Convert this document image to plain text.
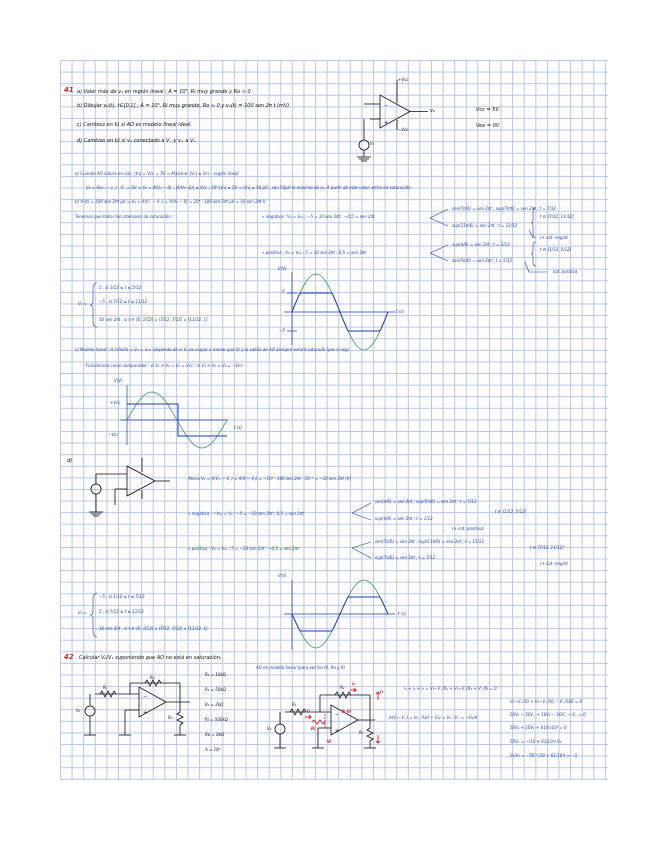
41 a) Valor máx de v₁ en región lineal : A = 10⁵, Ri muy grande y Ro ≈ 0
b) Dibujar v₀(t), t∈[0,1] ; A = 10⁵, Ri muy grande, Ro ≈ 0 y v₁(t) = 100 sen 2π t (mV)
c) Cambios en b) si AO es modelo lineal ideal.
d) Cambios en b) si v₁ conectado a V₋ y v₊ a V₊
−
+
+Vcc
−Vcc
v₀
V₁
Vcc = 5V
Vee = 0V
a) Cuando AO satura en sat.; |V₀| = Vcc = 5V ⇒ Máximo: |V₀| ≤ Vcc : región lineal
V₀ = A(v₊ − v₋) , V₋ = 0V ⇒ V₀ = A(V₁ − 0) ; |A(V₁−0)| ≤ Vcc ; 10⁵·|V₁| ≤ 5V ⇒ |V₁| ≤ 50 μV , con 50μV el máximo de v₁. A partir de este valor, entra en saturación.
b) V₁(t) = 100 sen 2πt μV ⇒ V₀ = A(V₊ − V₋) = A(V₀ − 0) = 10⁵ · 100 sen 2πt μV = 10 sen 2πt V
Tenemos que hallar los intervalos de saturación :	» negativa : V₀ = V₀ₛ ; −5 = 10 sen 2πt ; −0,5 = sen 2πt
sen(7π/6) = sen 2πt ; sup(7π/6) = sen 2πt ; t = 7/12
sup(11π/6) = sen 2πt ; t = 11/12
t ∈ [7/12, 11/12]
(+ sat. negat)
» positiva : V₀ = V₀ₛ ; 5 = 10 sen 2πt ; 0,5 = sen 2πt
sup(π/6) = sen 2πt ; t = 1/12
sen(5π/6) = sen 2πt ; t = 5/12
t ∈ [1/12, 5/12]
sat. positiva
5 , si 1/12 ≤ t ≤ 5/12
−5 , si 7/12 ≤ t ≤ 11/12
10 sen 2πt , si t ∈ [0, 1/12] ∪ [5/12, 7/12] ∪ [11/12, 1]
V₀ =
V(V)
t (s)
5
−5
c) Modelo lineal : A infinita ⇒ V₀ = ±∞ (depende de si V₁ es mayor o menor que 0) y la salida de AO siempre estará saturada (pos ó neg)
Funcionaría como comparador : si V₁ > V₀ ⇒ V₀ = Vcc ; si V₁ < V₀ ⇒ V₀ = −Vcc
V(V)
t (s)
+Vcc
−Vcc
d)
Ahora V₀ = A(V₊ − V₋) = A(0 − V₁) = −10⁵ · 100 sen 2πt · 10⁻⁶ = −10 sen 2πt (V)
» negativa : −V₀ₛ = V₀ ; −5 = −10 sen 2πt ; 0,5 = sen 2πt
sen(π/6) = sen 2πt ; sup(5π/6) = sen 2πt ; t = 5/12
sup(π/6) = sen 2πt ; t = 1/12
t ∈ [1/12, 5/12]
(+ sat. positiva)
» positiva : V₀ = V₀ₛ ; 5 = −10 sen 2πt ; −0,5 = sen 2πt
sen(7π/6) = sen 2πt ; sup(11π/6) = sen 2πt ; t = 11/12
sup(7π/6) = sen 2πt ; t = 7/12
t ∈ [7/12, 11/12]
(+ sat. negat)
−5 , si 1/12 ≤ t ≤ 5/12
5 , si 7/12 ≤ t ≤ 11/12
10 sen 2πt , si t ∈ [0, 1/12] ∪ [5/12, 7/12] ∪ [11/12, 1]
V₀ =
V(V)
t (s)
42 Calcular V₀/V₁ suponiendo que AO no está en saturación.
−
+
R₁
R₂
R₃
V₁
R₁ = 10kΩ
R₂ = 50kΩ
R₃ = 2kΩ
Ri = 500kΩ
Ro = 0kΩ
A = 10⁴
AO en modelo lineal (para ver los Ri, Ro y A)
−
+
R₁
R₂
R₃
V₁
i₁
i₂
Ri
i₃
Vi
A·Vi
i₁ + i₂ + i₃ = V₁−V₋/R₁ + V₀−V₋/R₂ + V₋/Ri = 0
A(V₊−V₋) = V₀ ; A(0 − V₁) = V₀ ; V₋ = −V₀/A
V₁−V₋/10 + V₀−V₋/50 − V₋/500 = 0
50V₁ − 50V₋ + 10V₀ − 10V₋ − V₋ = 0
50V₁ + 10V₀ + 61V₀/10⁴ = 0
50V₁ = −(10 + 61/10⁴) V₀
V₀/V₁ = −50 / (10 + 61/10⁴) ≈ −5
